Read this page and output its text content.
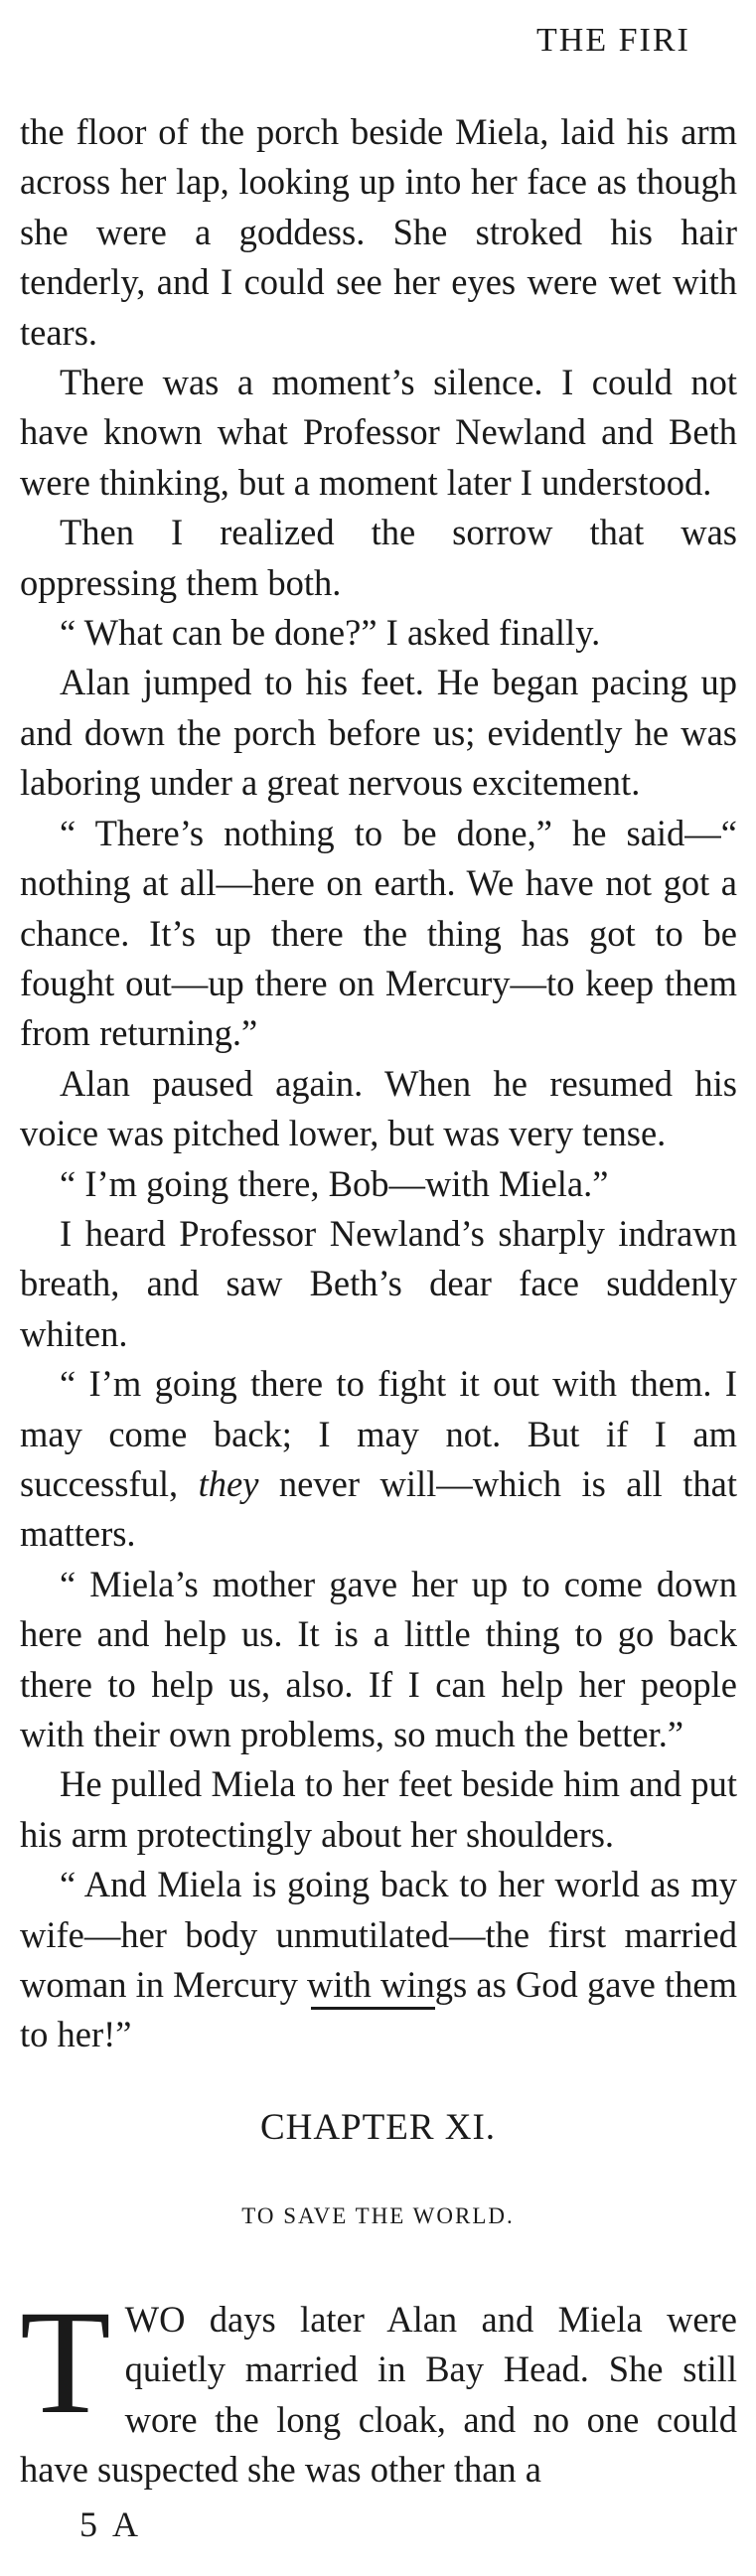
THE FIRI

the floor of the porch beside Miela, laid his arm across her lap, looking up into her face as though she were a goddess. She stroked his hair tenderly, and I could see her eyes were wet with tears.

There was a moment’s silence. I could not have known what Professor Newland and Beth were thinking, but a moment later I understood.

Then I realized the sorrow that was oppressing them both.

“ What can be done?” I asked finally.

Alan jumped to his feet. He began pacing up and down the porch before us; evidently he was laboring under a great nervous excitement.

“ There’s nothing to be done,” he said—“ nothing at all—here on earth. We have not got a chance. It’s up there the thing has got to be fought out—up there on Mercury—to keep them from returning.”

Alan paused again. When he resumed his voice was pitched lower, but was very tense.

“ I’m going there, Bob—with Miela.”

I heard Professor Newland’s sharply indrawn breath, and saw Beth’s dear face suddenly whiten.

“ I’m going there to fight it out with them. I may come back; I may not. But if I am successful, they never will—which is all that matters.

“ Miela’s mother gave her up to come down here and help us. It is a little thing to go back there to help us, also. If I can help her people with their own problems, so much the better.”

He pulled Miela to her feet beside him and put his arm protectingly about her shoulders.

“ And Miela is going back to her world as my wife—her body unmutilated—the first married woman in Mercury with wings as God gave them to her!”

CHAPTER XI.
TO SAVE THE WORLD.

TWO days later Alan and Miela were quietly married in Bay Head. She still wore the long cloak, and no one could have suspected she was other than a

5 A
